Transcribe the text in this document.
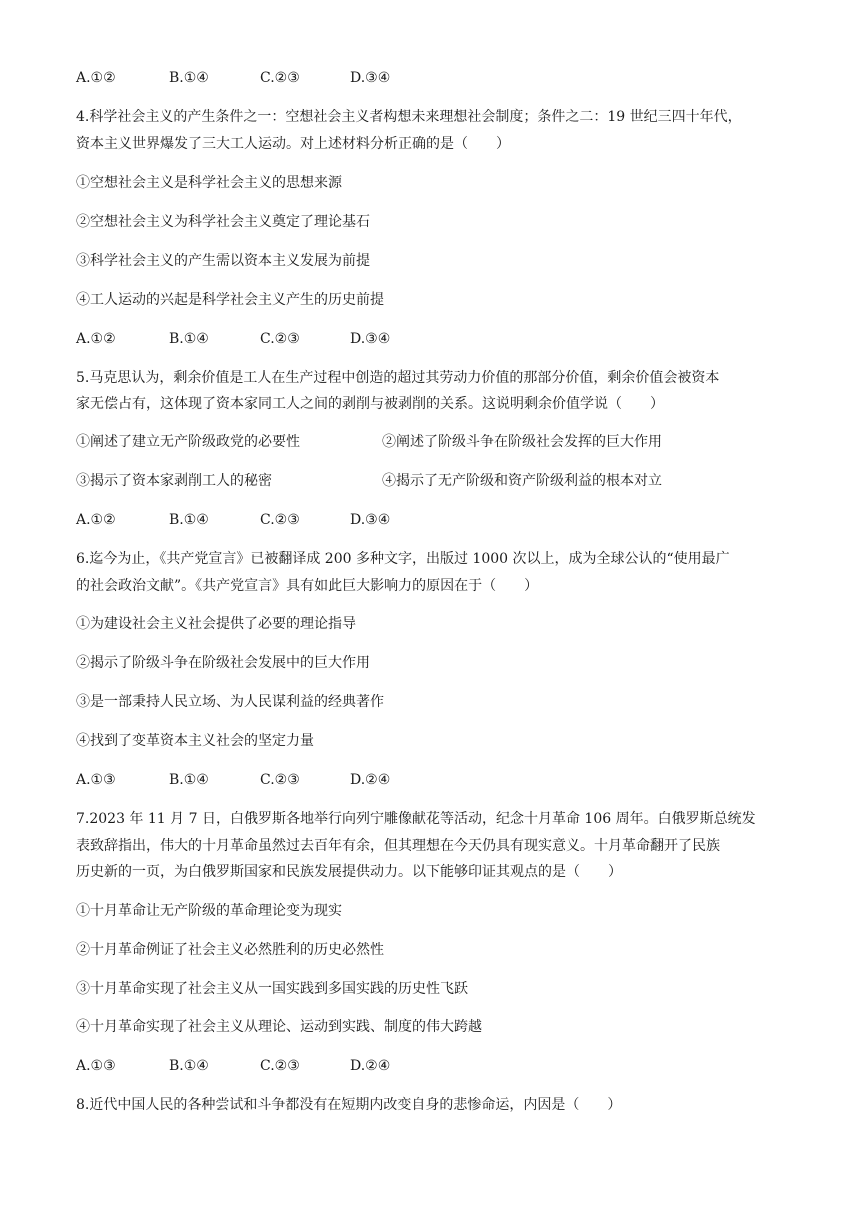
A.①②	B.①④	C.②③	D.③④
4.科学社会主义的产生条件之一：空想社会主义者构想未来理想社会制度；条件之二：19 世纪三四十年代，
资本主义世界爆发了三大工人运动。对上述材料分析正确的是（　　）
①空想社会主义是科学社会主义的思想来源
②空想社会主义为科学社会主义奠定了理论基石
③科学社会主义的产生需以资本主义发展为前提
④工人运动的兴起是科学社会主义产生的历史前提
A.①②	B.①④	C.②③	D.③④
5.马克思认为，剩余价值是工人在生产过程中创造的超过其劳动力价值的那部分价值，剩余价值会被资本
家无偿占有，这体现了资本家同工人之间的剥削与被剥削的关系。这说明剩余价值学说（　　）
①阐述了建立无产阶级政党的必要性	②阐述了阶级斗争在阶级社会发挥的巨大作用
③揭示了资本家剥削工人的秘密	④揭示了无产阶级和资产阶级利益的根本对立
A.①②	B.①④	C.②③	D.③④
6.迄今为止，《共产党宣言》已被翻译成 200 多种文字，出版过 1000 次以上，成为全球公认的“使用最广
的社会政治文献”。《共产党宣言》具有如此巨大影响力的原因在于（　　）
①为建设社会主义社会提供了必要的理论指导
②揭示了阶级斗争在阶级社会发展中的巨大作用
③是一部秉持人民立场、为人民谋利益的经典著作
④找到了变革资本主义社会的坚定力量
A.①③	B.①④	C.②③	D.②④
7.2023 年 11 月 7 日，白俄罗斯各地举行向列宁雕像献花等活动，纪念十月革命 106 周年。白俄罗斯总统发
表致辞指出，伟大的十月革命虽然过去百年有余，但其理想在今天仍具有现实意义。十月革命翻开了民族
历史新的一页，为白俄罗斯国家和民族发展提供动力。以下能够印证其观点的是（　　）
①十月革命让无产阶级的革命理论变为现实
②十月革命例证了社会主义必然胜利的历史必然性
③十月革命实现了社会主义从一国实践到多国实践的历史性飞跃
④十月革命实现了社会主义从理论、运动到实践、制度的伟大跨越
A.①③	B.①④	C.②③	D.②④
8.近代中国人民的各种尝试和斗争都没有在短期内改变自身的悲惨命运，内因是（　　）
